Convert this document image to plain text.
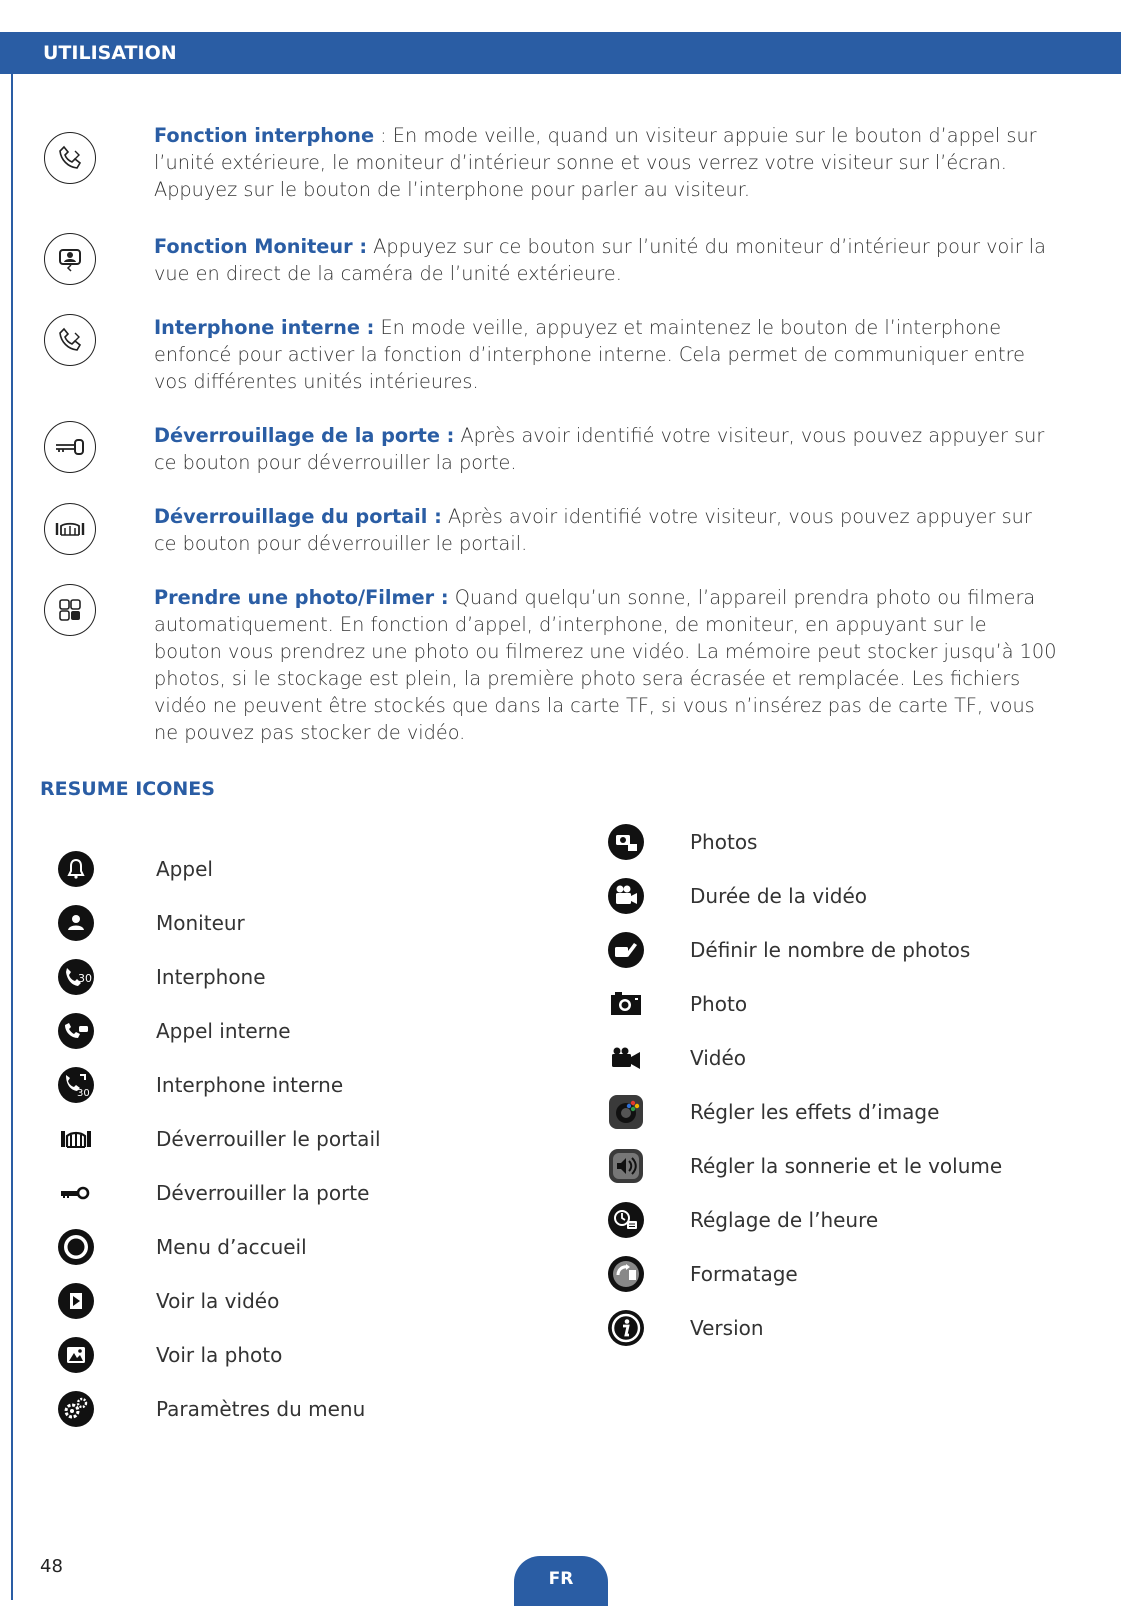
UTILISATION
Fonction interphone : En mode veille, quand un visiteur appuie sur le bouton d’appel sur l’unité extérieure, le moniteur d’intérieur sonne et vous verrez votre visiteur sur l’écran. Appuyez sur le bouton de l’interphone pour parler au visiteur.
Fonction Moniteur : Appuyez sur ce bouton sur l’unité du moniteur d’intérieur pour voir la vue en direct de la caméra de l’unité extérieure.
Interphone interne : En mode veille, appuyez et maintenez le bouton de l’interphone enfoncé pour activer la fonction d’interphone interne. Cela permet de communiquer entre vos différentes unités intérieures.
Déverrouillage de la porte : Après avoir identifié votre visiteur, vous pouvez appuyer sur ce bouton pour déverrouiller la porte.
Déverrouillage du portail : Après avoir identifié votre visiteur, vous pouvez appuyer sur ce bouton pour déverrouiller le portail.
Prendre une photo/Filmer : Quand quelqu’un sonne, l’appareil prendra photo ou filmera automatiquement. En fonction d’appel, d’interphone, de moniteur, en appuyant sur le bouton vous prendrez une photo ou filmerez une vidéo. La mémoire peut stocker jusqu’à 100 photos, si le stockage est plein, la première photo sera écrasée et remplacée. Les fichiers vidéo ne peuvent être stockés que dans la carte TF, si vous n’insérez pas de carte TF, vous ne pouvez pas stocker de vidéo.
RESUME ICONES
Appel
Moniteur
30	Interphone
Appel interne
30	Interphone interne
Déverrouiller le portail
Déverrouiller la porte
Menu d’accueil
Voir la vidéo
Voir la photo
Paramètres du menu
Photos
Durée de la vidéo
Définir le nombre de photos
Photo
Vidéo
Régler les effets d’image
Régler la sonnerie et le volume
Réglage de l’heure
Formatage
Version
48
FR
